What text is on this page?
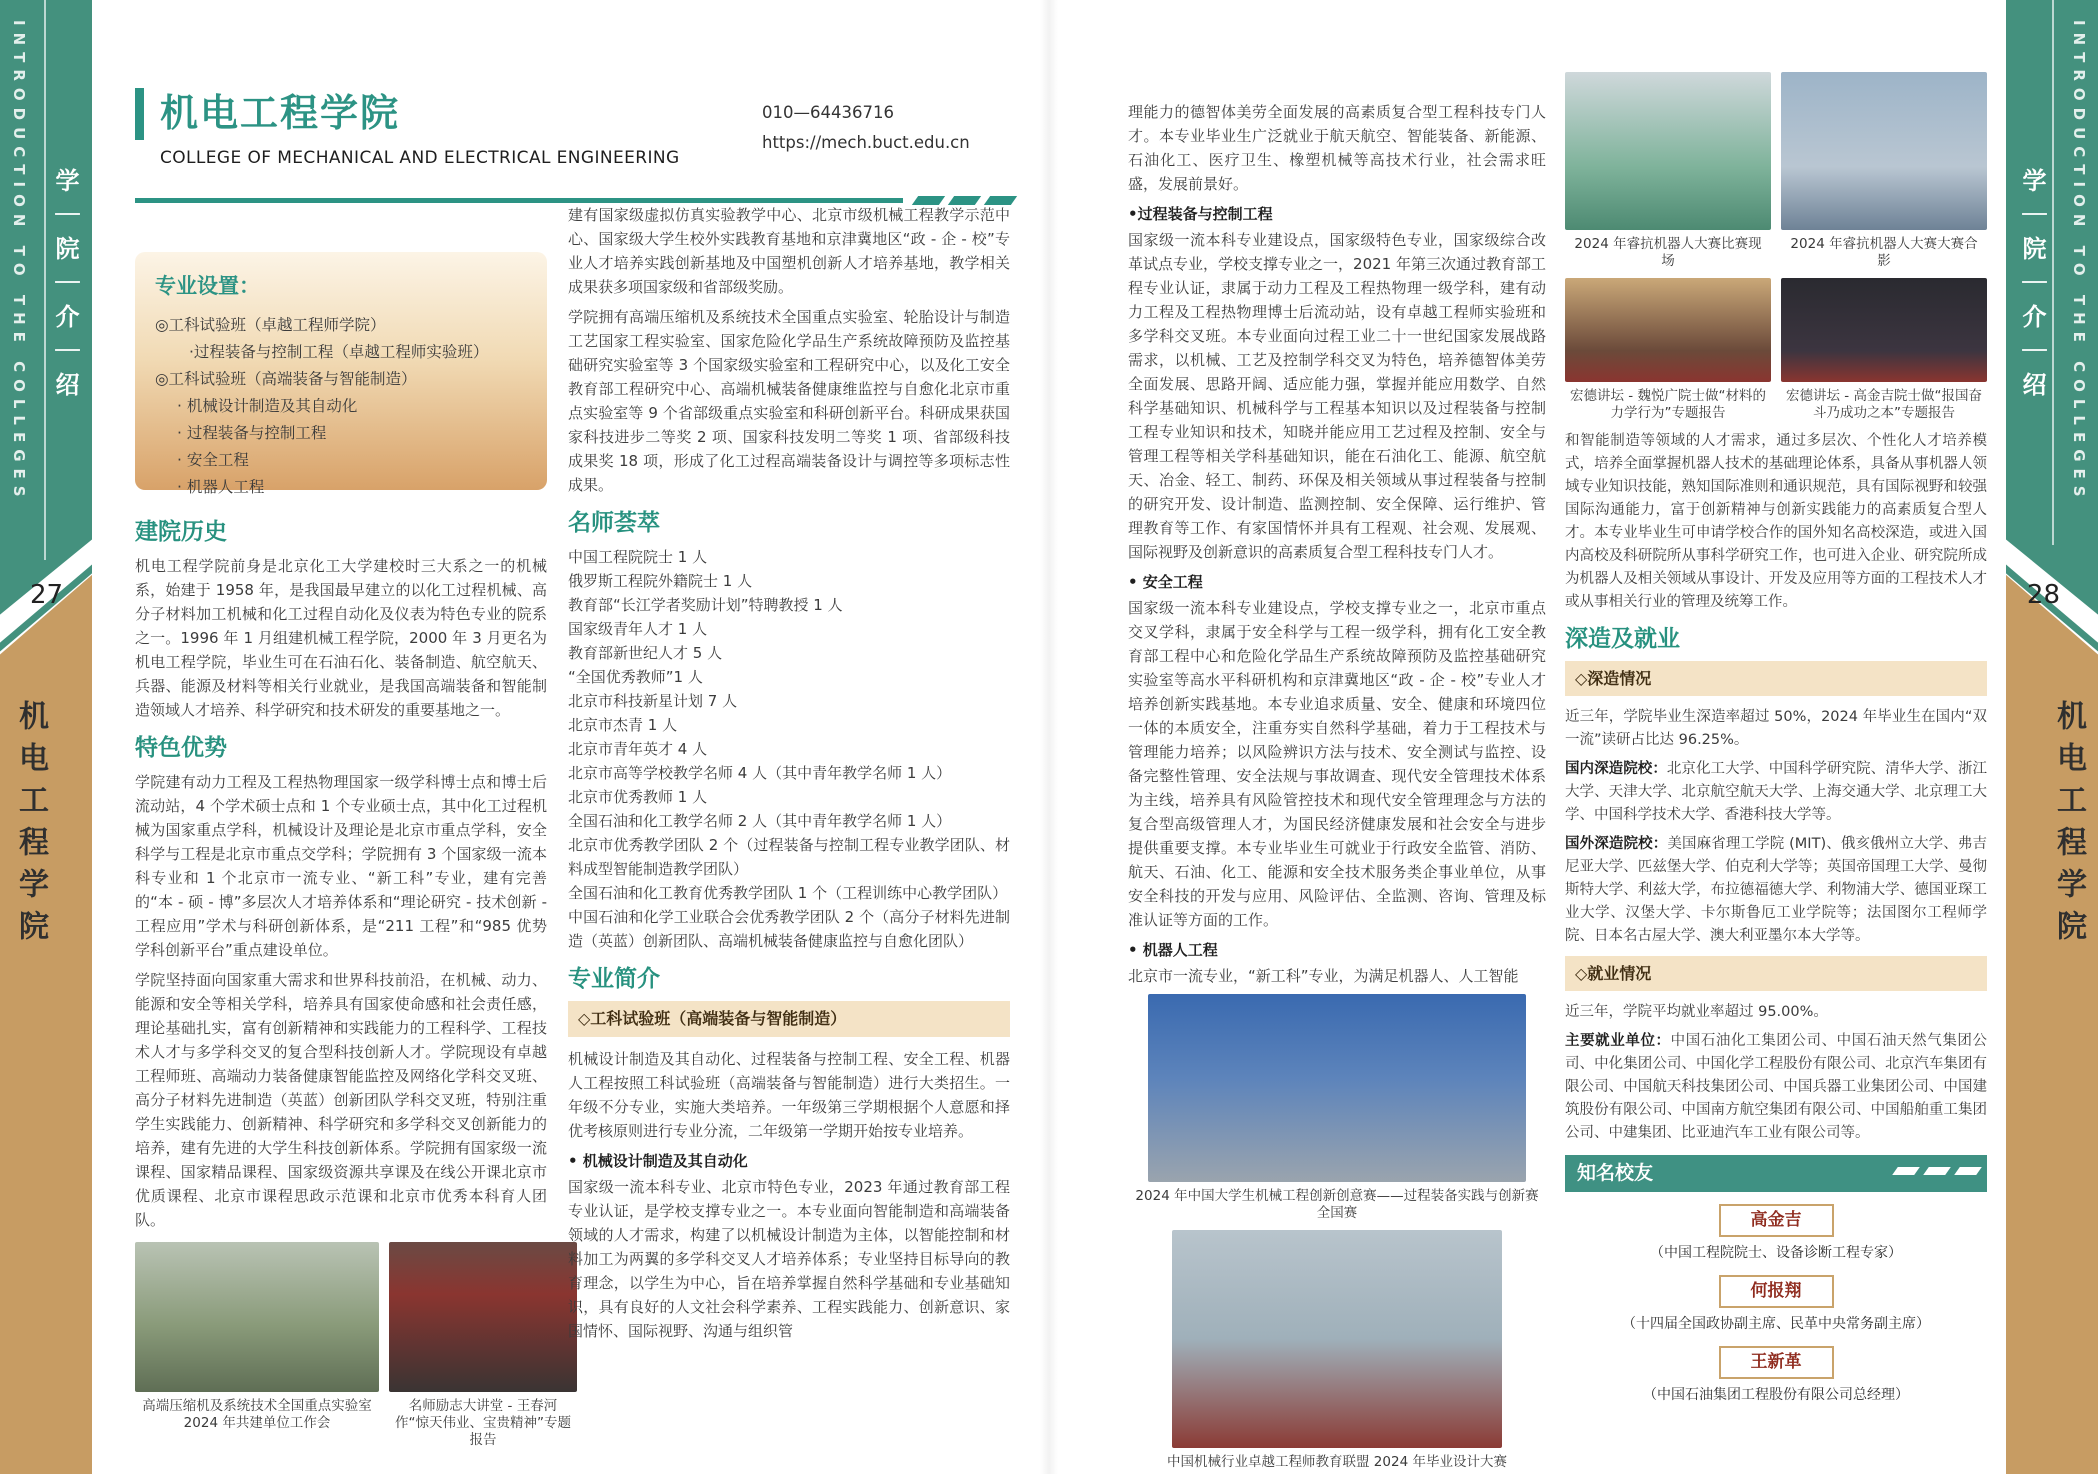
INTRODUCTION TO THE COLLEGES 学｜院｜介｜绍
27
机电工程学院
INTRODUCTION TO THE COLLEGES
学｜院｜介｜绍
28
机电工程学院
机电工程学院
COLLEGE OF MECHANICAL AND ELECTRICAL ENGINEERING
010—64436716
https://mech.buct.edu.cn
专业设置：
◎工科试验班（卓越工程师学院）
·过程装备与控制工程（卓越工程师实验班）
◎工科试验班（高端装备与智能制造）
· 机械设计制造及其自动化
· 过程装备与控制工程
· 安全工程
· 机器人工程
建院历史

机电工程学院前身是北京化工大学建校时三大系之一的机械系，始建于 1958 年，是我国最早建立的以化工过程机械、高分子材料加工机械和化工过程自动化及仪表为特色专业的院系之一。1996 年 1 月组建机械工程学院，2000 年 3 月更名为机电工程学院，毕业生可在石油石化、装备制造、航空航天、兵器、能源及材料等相关行业就业，是我国高端装备和智能制造领域人才培养、科学研究和技术研发的重要基地之一。

特色优势

学院建有动力工程及工程热物理国家一级学科博士点和博士后流动站，4 个学术硕士点和 1 个专业硕士点，其中化工过程机械为国家重点学科，机械设计及理论是北京市重点学科，安全科学与工程是北京市重点交学科；学院拥有 3 个国家级一流本科专业和 1 个北京市一流专业、“新工科”专业，建有完善的“本 - 硕 - 博”多层次人才培养体系和“理论研究 - 技术创新 - 工程应用”学术与科研创新体系，是“211 工程”和“985 优势学科创新平台”重点建设单位。

学院坚持面向国家重大需求和世界科技前沿，在机械、动力、能源和安全等相关学科，培养具有国家使命感和社会责任感，理论基础扎实，富有创新精神和实践能力的工程科学、工程技术人才与多学科交叉的复合型科技创新人才。学院现设有卓越工程师班、高端动力装备健康智能监控及网络化学科交叉班、高分子材料先进制造（英蓝）创新团队学科交叉班，特别注重学生实践能力、创新精神、科学研究和多学科交叉创新能力的培养，建有先进的大学生科技创新体系。学院拥有国家级一流课程、国家精品课程、国家级资源共享课及在线公开课北京市优质课程、北京市课程思政示范课和北京市优秀本科育人团队。

高端压缩机及系统技术全国重点实验室 2024 年共建单位工作会
名师励志大讲堂 - 王春河作“惊天伟业、宝贵精神”专题报告

建有国家级虚拟仿真实验教学中心、北京市级机械工程教学示范中心、国家级大学生校外实践教育基地和京津冀地区“政 - 企 - 校”专业人才培养实践创新基地及中国塑机创新人才培养基地，教学相关成果获多项国家级和省部级奖励。

学院拥有高端压缩机及系统技术全国重点实验室、轮胎设计与制造工艺国家工程实验室、国家危险化学品生产系统故障预防及监控基础研究实验室等 3 个国家级实验室和工程研究中心，以及化工安全教育部工程研究中心、高端机械装备健康维监控与自愈化北京市重点实验室等 9 个省部级重点实验室和科研创新平台。科研成果获国家科技进步二等奖 2 项、国家科技发明二等奖 1 项、省部级科技成果奖 18 项，形成了化工过程高端装备设计与调控等多项标志性成果。

名师荟萃
中国工程院院士 1 人
俄罗斯工程院外籍院士 1 人
教育部“长江学者奖励计划”特聘教授 1 人
国家级青年人才 1 人
教育部新世纪人才 5 人
“全国优秀教师”1 人
北京市科技新星计划 7 人
北京市杰青 1 人
北京市青年英才 4 人
北京市高等学校教学名师 4 人（其中青年教学名师 1 人）
北京市优秀教师 1 人
全国石油和化工教学名师 2 人（其中青年教学名师 1 人）
北京市优秀教学团队 2 个（过程装备与控制工程专业教学团队、材料成型智能制造教学团队）
全国石油和化工教育优秀教学团队 1 个（工程训练中心教学团队）
中国石油和化学工业联合会优秀教学团队 2 个（高分子材料先进制造（英蓝）创新团队、高端机械装备健康监控与自愈化团队）
专业简介
◇工科试验班（高端装备与智能制造）

机械设计制造及其自动化、过程装备与控制工程、安全工程、机器人工程按照工科试验班（高端装备与智能制造）进行大类招生。一年级不分专业，实施大类培养。一年级第三学期根据个人意愿和择优考核原则进行专业分流，二年级第一学期开始按专业培养。

• 机械设计制造及其自动化

国家级一流本科专业、北京市特色专业，2023 年通过教育部工程专业认证，是学校支撑专业之一。本专业面向智能制造和高端装备领域的人才需求，构建了以机械设计制造为主体，以智能控制和材料加工为两翼的多学科交叉人才培养体系；专业坚持目标导向的教育理念，以学生为中心，旨在培养掌握自然科学基础和专业基础知识，具有良好的人文社会科学素养、工程实践能力、创新意识、家国情怀、国际视野、沟通与组织管

理能力的德智体美劳全面发展的高素质复合型工程科技专门人才。本专业毕业生广泛就业于航天航空、智能装备、新能源、石油化工、医疗卫生、橡塑机械等高技术行业，社会需求旺盛，发展前景好。

•过程装备与控制工程

国家级一流本科专业建设点，国家级特色专业，国家级综合改革试点专业，学校支撑专业之一，2021 年第三次通过教育部工程专业认证，隶属于动力工程及工程热物理一级学科，建有动力工程及工程热物理博士后流动站，设有卓越工程师实验班和多学科交叉班。本专业面向过程工业二十一世纪国家发展战路需求，以机械、工艺及控制学科交叉为特色，培养德智体美劳全面发展、思路开阔、适应能力强，掌握并能应用数学、自然科学基础知识、机械科学与工程基本知识以及过程装备与控制工程专业知识和技术，知晓并能应用工艺过程及控制、安全与管理工程等相关学科基础知识，能在石油化工、能源、航空航天、冶金、轻工、制药、环保及相关领域从事过程装备与控制的研究开发、设计制造、监测控制、安全保障、运行维护、管理教育等工作、有家国情怀并具有工程观、社会观、发展观、国际视野及创新意识的高素质复合型工程科技专门人才。

• 安全工程

国家级一流本科专业建设点，学校支撑专业之一，北京市重点交叉学科，隶属于安全科学与工程一级学科，拥有化工安全教育部工程中心和危险化学品生产系统故障预防及监控基础研究实验室等高水平科研机构和京津冀地区“政 - 企 - 校”专业人才培养创新实践基地。本专业追求质量、安全、健康和环境四位一体的本质安全，注重夯实自然科学基础，着力于工程技术与管理能力培养；以风险辨识方法与技术、安全测试与监控、设备完整性管理、安全法规与事故调查、现代安全管理技术体系为主线，培养具有风险管控技术和现代安全管理理念与方法的复合型高级管理人才，为国民经济健康发展和社会安全与进步提供重要支撑。本专业毕业生可就业于行政安全监管、消防、航天、石油、化工、能源和安全技术服务类企事业单位，从事安全科技的开发与应用、风险评估、全监测、咨询、管理及标准认证等方面的工作。

• 机器人工程

北京市一流专业，“新工科”专业，为满足机器人、人工智能

2024 年中国大学生机械工程创新创意赛——过程装备实践与创新赛全国赛
中国机械行业卓越工程师教育联盟 2024 年毕业设计大赛
2024 年睿抗机器人大赛比赛现场
2024 年睿抗机器人大赛大赛合影
宏德讲坛 - 魏悦广院士做“材料的力学行为”专题报告
宏德讲坛 - 高金吉院士做“报国奋斗乃成功之本”专题报告

和智能制造等领域的人才需求，通过多层次、个性化人才培养模式，培养全面掌握机器人技术的基础理论体系，具备从事机器人领域专业知识技能，熟知国际准则和通识规范，具有国际视野和较强国际沟通能力，富于创新精神与创新实践能力的高素质复合型人才。本专业毕业生可申请学校合作的国外知名高校深造，或进入国内高校及科研院所从事科学研究工作，也可进入企业、研究院所成为机器人及相关领域从事设计、开发及应用等方面的工程技术人才或从事相关行业的管理及统筹工作。

深造及就业
◇深造情况

近三年，学院毕业生深造率超过 50%，2024 年毕业生在国内“双一流”读研占比达 96.25%。

国内深造院校：北京化工大学、中国科学研究院、清华大学、浙江大学、天津大学、北京航空航天大学、上海交通大学、北京理工大学、中国科学技术大学、香港科技大学等。

国外深造院校：美国麻省理工学院 (MIT)、俄亥俄州立大学、弗吉尼亚大学、匹兹堡大学、伯克利大学等；英国帝国理工大学、曼彻斯特大学、利兹大学，布拉德福德大学、利物浦大学、德国亚琛工业大学、汉堡大学、卡尔斯鲁厄工业学院等；法国图尔工程师学院、日本名古屋大学、澳大利亚墨尔本大学等。

◇就业情况

近三年，学院平均就业率超过 95.00%。

主要就业单位：中国石油化工集团公司、中国石油天然气集团公司、中化集团公司、中国化学工程股份有限公司、北京汽车集团有限公司、中国航天科技集团公司、中国兵器工业集团公司、中国建筑股份有限公司、中国南方航空集团有限公司、中国船舶重工集团公司、中建集团、比亚迪汽车工业有限公司等。

知名校友
高金吉
（中国工程院院士、设备诊断工程专家）
何报翔
（十四届全国政协副主席、民革中央常务副主席）
王新革
（中国石油集团工程股份有限公司总经理）
